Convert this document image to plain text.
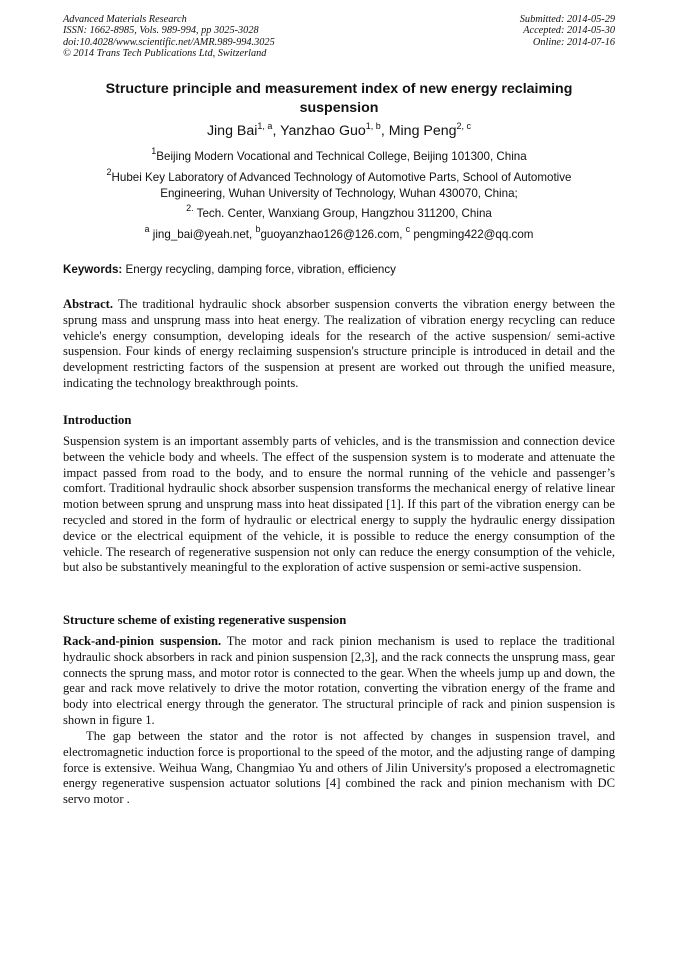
Advanced Materials Research
ISSN: 1662-8985, Vols. 989-994, pp 3025-3028
doi:10.4028/www.scientific.net/AMR.989-994.3025
© 2014 Trans Tech Publications Ltd, Switzerland
Submitted: 2014-05-29
Accepted: 2014-05-30
Online: 2014-07-16
Structure principle and measurement index of new energy reclaiming
suspension
Jing Bai$^{1, a}$, Yanzhao Guo$^{1, b}$, Ming Peng$^{2, c}$
$^1$Beijing Modern Vocational and Technical College, Beijing 101300, China
$^2$Hubei Key Laboratory of Advanced Technology of Automotive Parts, School of Automotive
Engineering, Wuhan University of Technology, Wuhan 430070, China;
$^{2.}$ Tech. Center, Wanxiang Group, Hangzhou 311200, China
$^a$ jing_bai@yeah.net, $^b$guoyanzhao126@126.com, $^c$ pengming422@qq.com
Keywords: Energy recycling, damping force, vibration, efficiency
Abstract. The traditional hydraulic shock absorber suspension converts the vibration energy between the sprung mass and unsprung mass into heat energy. The realization of vibration energy recycling can reduce vehicle's energy consumption, developing ideals for the research of the active suspension/ semi-active suspension. Four kinds of energy reclaiming suspension's structure principle is introduced in detail and the development restricting factors of the suspension at present are worked out through the unified measure, indicating the technology breakthrough points.
Introduction
Suspension system is an important assembly parts of vehicles, and is the transmission and connection device between the vehicle body and wheels. The effect of the suspension system is to moderate and attenuate the impact passed from road to the body, and to ensure the normal running of the vehicle and passenger’s comfort. Traditional hydraulic shock absorber suspension transforms the mechanical energy of relative linear motion between sprung and unsprung mass into heat dissipated [1]. If this part of the vibration energy can be recycled and stored in the form of hydraulic or electrical energy to supply the hydraulic energy dissipation device or the electrical equipment of the vehicle, it is possible to reduce the energy consumption of the vehicle. The research of regenerative suspension not only can reduce the energy consumption of the vehicle, but also be substantively meaningful to the exploration of active suspension or semi-active suspension.
Structure scheme of existing regenerative suspension
Rack-and-pinion suspension. The motor and rack pinion mechanism is used to replace the traditional hydraulic shock absorbers in rack and pinion suspension [2,3], and the rack connects the unsprung mass, gear connects the sprung mass, and motor rotor is connected to the gear. When the wheels jump up and down, the gear and rack move relatively to drive the motor rotation, converting the vibration energy of the frame and body into electrical energy through the generator. The structural principle of rack and pinion suspension is shown in figure 1.
The gap between the stator and the rotor is not affected by changes in suspension travel, and electromagnetic induction force is proportional to the speed of the motor, and the adjusting range of damping force is extensive. Weihua Wang, Changmiao Yu and others of Jilin University's proposed a electromagnetic energy regenerative suspension actuator solutions [4] combined the rack and pinion mechanism with DC servo motor .
